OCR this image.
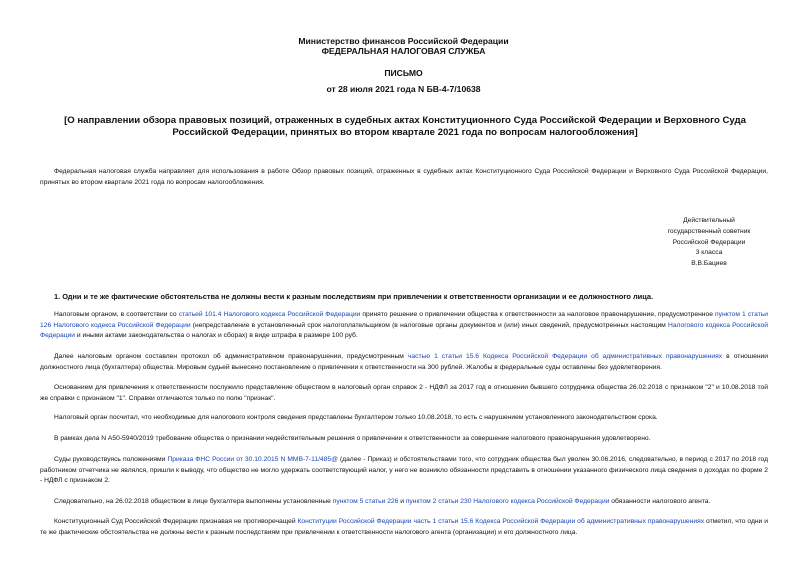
Министерство финансов Российской Федерации
ФЕДЕРАЛЬНАЯ НАЛОГОВАЯ СЛУЖБА
ПИСЬМО
от 28 июля 2021 года N БВ-4-7/10638
[О направлении обзора правовых позиций, отраженных в судебных актах Конституционного Суда Российской Федерации и Верховного Суда Российской Федерации, принятых во втором квартале 2021 года по вопросам налогообложения]
Федеральная налоговая служба направляет для использования в работе Обзор правовых позиций, отраженных в судебных актах Конституционного Суда Российской Федерации и Верховного Суда Российской Федерации, принятых во втором квартале 2021 года по вопросам налогообложения.
Действительный
государственный советник
Российской Федерации
3 класса
В.В.Бациев
1. Одни и те же фактические обстоятельства не должны вести к разным последствиям при привлечении к ответственности организации и ее должностного лица.
Налоговым органом, в соответствии со статьей 101.4 Налогового кодекса Российской Федерации принято решение о привлечении общества к ответственности за налоговое правонарушение, предусмотренное пунктом 1 статьи 126 Налогового кодекса Российской Федерации (непредставление в установленный срок налогоплательщиком (в налоговые органы документов и (или) иных сведений, предусмотренных настоящим Налогового кодекса Российской Федерации и иными актами законодательства о налогах и сборах) в виде штрафа в размере 100 руб.
Далее налоговым органом составлен протокол об административном правонарушении, предусмотренным частью 1 статьи 15.6 Кодекса Российской Федерации об административных правонарушениях в отношении должностного лица (бухгалтера) общества. Мировым судьей вынесено постановление о привлечении к ответственности на 300 рублей. Жалобы в федеральные суды оставлены без удовлетворения.
Основанием для привлечения к ответственности послужило представление обществом в налоговый орган справок 2 - НДФЛ за 2017 год в отношении бывшего сотрудника общества 26.02.2018 с признаком "2" и 10.08.2018 той же справки с признаком "1". Справки отличаются только по полю "признак".
Налоговый орган посчитал, что необходимые для налогового контроля сведения представлены бухгалтером только 10.08.2018, то есть с нарушением установленного законодательством срока.
В рамках дела N А50-5940/2019 требование общества о признании недействительным решения о привлечении к ответственности за совершение налогового правонарушения удовлетворено.
Суды руководствуясь положениями Приказа ФНС России от 30.10.2015 N ММВ-7-11/485@ (далее - Приказ) и обстоятельствами того, что сотрудник общества был уволен 30.06.2016, следовательно, в период с 2017 по 2018 год работником отчетчика не являлся, пришли к выводу, что общество не могло удержать соответствующий налог, у него не возникло обязанности представить в отношении указанного физического лица сведения о доходах по форме 2 - НДФЛ с признаком 2.
Следовательно, на 26.02.2018 обществом в лице бухгалтера выполнены установленные пунктом 5 статьи 226 и пунктом 2 статьи 230 Налогового кодекса Российской Федерации обязанности налогового агента.
Конституционный Суд Российской Федерации признавая не противоречащей Конституции Российской Федерации часть 1 статьи 15.6 Кодекса Российской Федерации об административных правонарушениях отметил, что одни и те же фактические обстоятельства не должны вести к разным последствиям при привлечении к ответственности налогового агента (организации) и его должностного лица.
